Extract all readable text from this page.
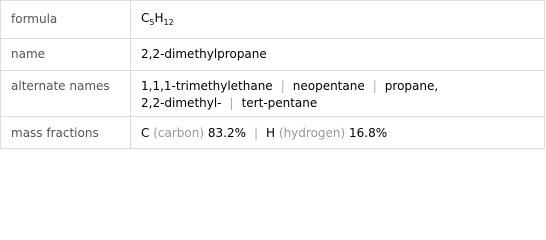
formula	$C_5H_{12}$
name	2,2-dimethylpropane
alternate names	1,1,1-trimethylethane | neopentane | propane,
2,2-dimethyl- | tert-pentane
mass fractions	C (carbon) 83.2% | H (hydrogen) 16.8%
